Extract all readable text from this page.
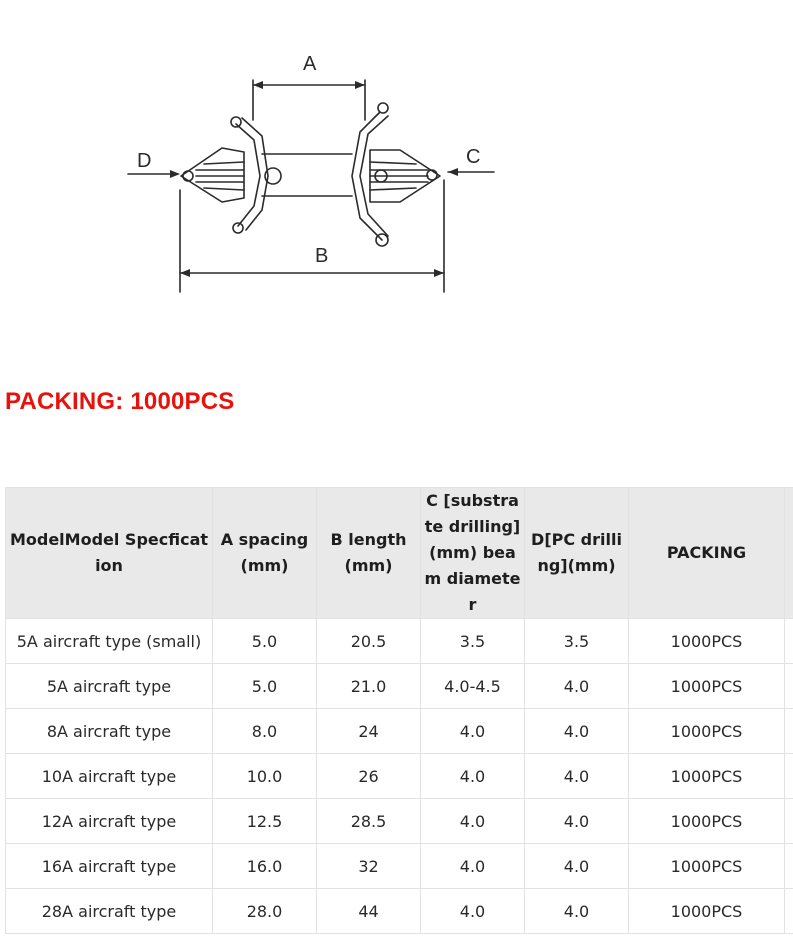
A
B
C
D
PACKING: 1000PCS
ModelModel Specfication	A spacing (mm)	B length (mm)	C [substrate drilling] (mm) beam diameter	D[PC drilling](mm)	PACKING	

5A aircraft type (small)	5.0	20.5	3.5	3.5	1000PCS	
5A aircraft type	5.0	21.0	4.0-4.5	4.0	1000PCS	
8A aircraft type	8.0	24	4.0	4.0	1000PCS	
10A aircraft type	10.0	26	4.0	4.0	1000PCS	
12A aircraft type	12.5	28.5	4.0	4.0	1000PCS	
16A aircraft type	16.0	32	4.0	4.0	1000PCS	
28A aircraft type	28.0	44	4.0	4.0	1000PCS	
